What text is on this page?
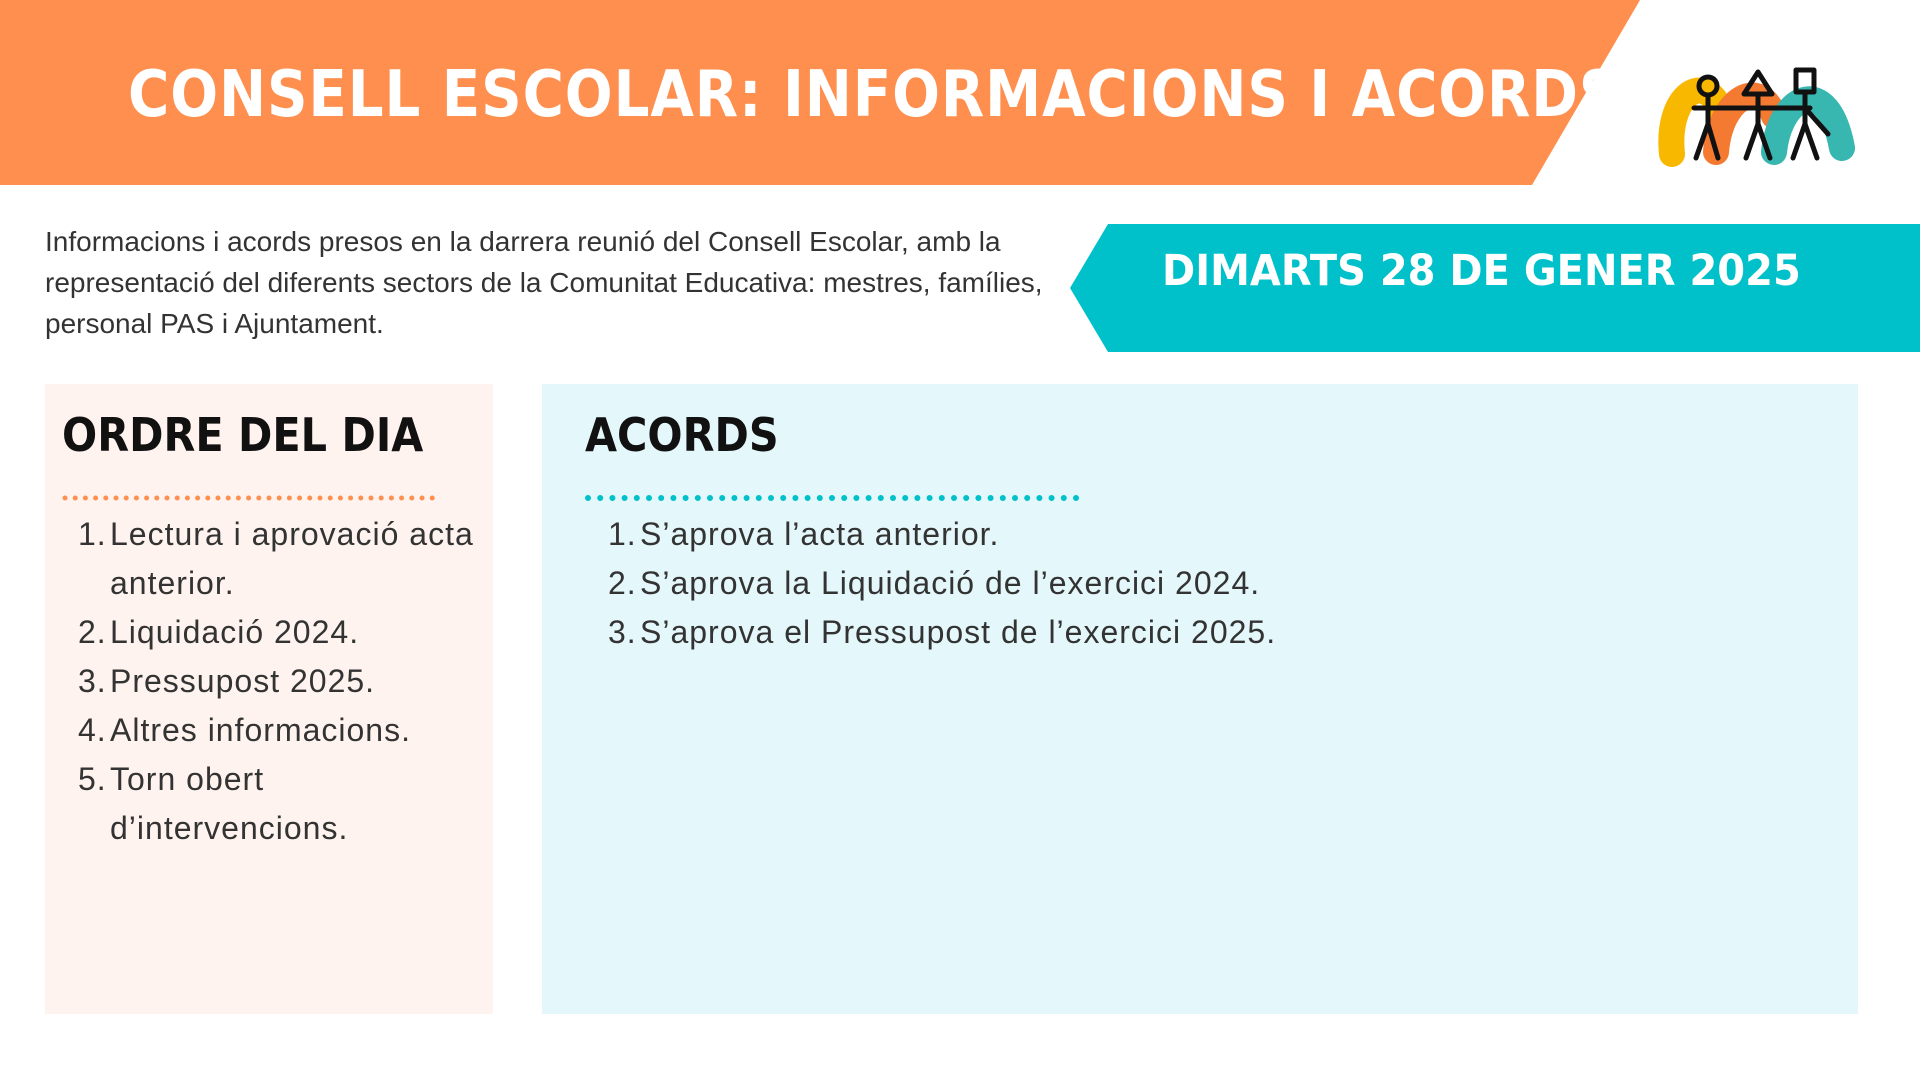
CONSELL ESCOLAR: INFORMACIONS I ACORDS
Informacions i acords presos en la darrera reunió del Consell Escolar, amb la representació del diferents sectors de la Comunitat Educativa: mestres, famílies, personal PAS i Ajuntament.
DIMARTS 28 DE GENER 2025
ORDRE DEL DIA
1. Lectura i aprovació acta anterior.
2. Liquidació 2024.
3. Pressupost 2025.
4. Altres informacions.
5. Torn obert d’intervencions.
ACORDS
1. S’aprova l’acta anterior.
2. S’aprova la Liquidació de l’exercici 2024.
3. S’aprova el Pressupost de l’exercici 2025.
